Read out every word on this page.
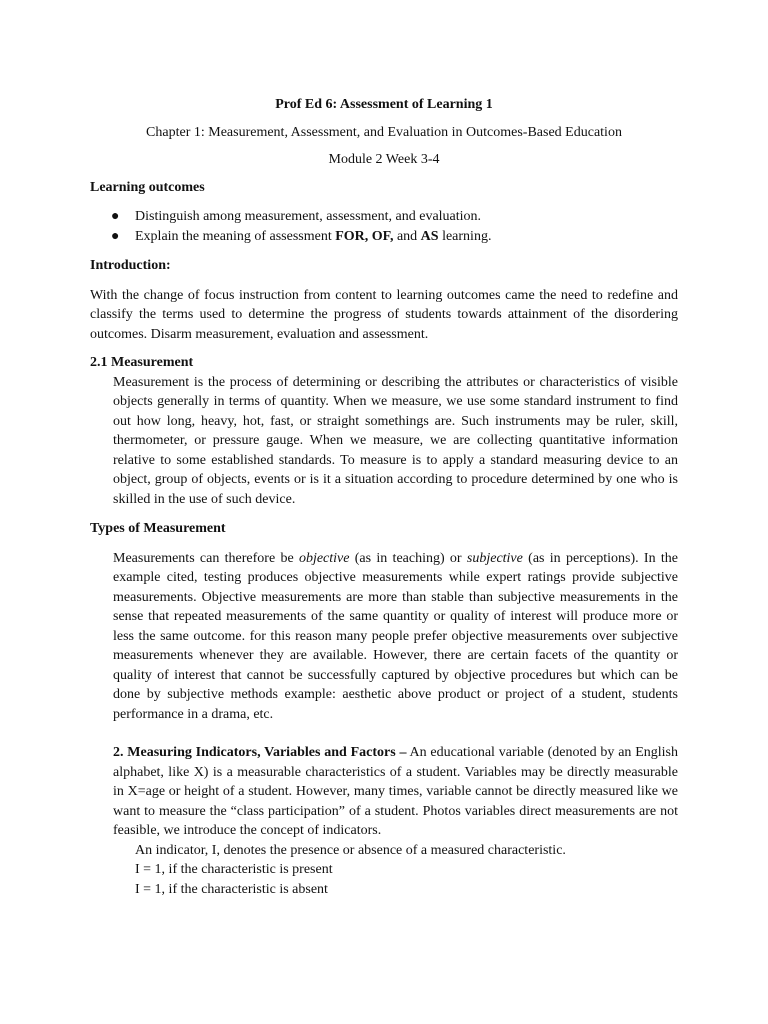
Prof Ed 6: Assessment of Learning 1
Chapter 1: Measurement, Assessment, and Evaluation in Outcomes-Based Education
Module 2 Week 3-4
Learning outcomes
● Distinguish among measurement, assessment, and evaluation.
● Explain the meaning of assessment FOR, OF, and AS learning.
Introduction:

With the change of focus instruction from content to learning outcomes came the need to redefine and classify the terms used to determine the progress of students towards attainment of the disordering outcomes. Disarm measurement, evaluation and assessment.

2.1 Measurement

Measurement is the process of determining or describing the attributes or characteristics of visible objects generally in terms of quantity. When we measure, we use some standard instrument to find out how long, heavy, hot, fast, or straight somethings are. Such instruments may be ruler, skill, thermometer, or pressure gauge. When we measure, we are collecting quantitative information relative to some established standards. To measure is to apply a standard measuring device to an object, group of objects, events or is it a situation according to procedure determined by one who is skilled in the use of such device.

Types of Measurement

Measurements can therefore be objective (as in teaching) or subjective (as in perceptions). In the example cited, testing produces objective measurements while expert ratings provide subjective measurements. Objective measurements are more than stable than subjective measurements in the sense that repeated measurements of the same quantity or quality of interest will produce more or less the same outcome. for this reason many people prefer objective measurements over subjective measurements whenever they are available. However, there are certain facets of the quantity or quality of interest that cannot be successfully captured by objective procedures but which can be done by subjective methods example: aesthetic above product or project of a student, students performance in a drama, etc.

2. Measuring Indicators, Variables and Factors – An educational variable (denoted by an English alphabet, like X) is a measurable characteristics of a student. Variables may be directly measurable in X=age or height of a student. However, many times, variable cannot be directly measured like we want to measure the “class participation” of a student. Photos variables direct measurements are not feasible, we introduce the concept of indicators.

An indicator, I, denotes the presence or absence of a measured characteristic.
I = 1, if the characteristic is present
I = 1, if the characteristic is absent
